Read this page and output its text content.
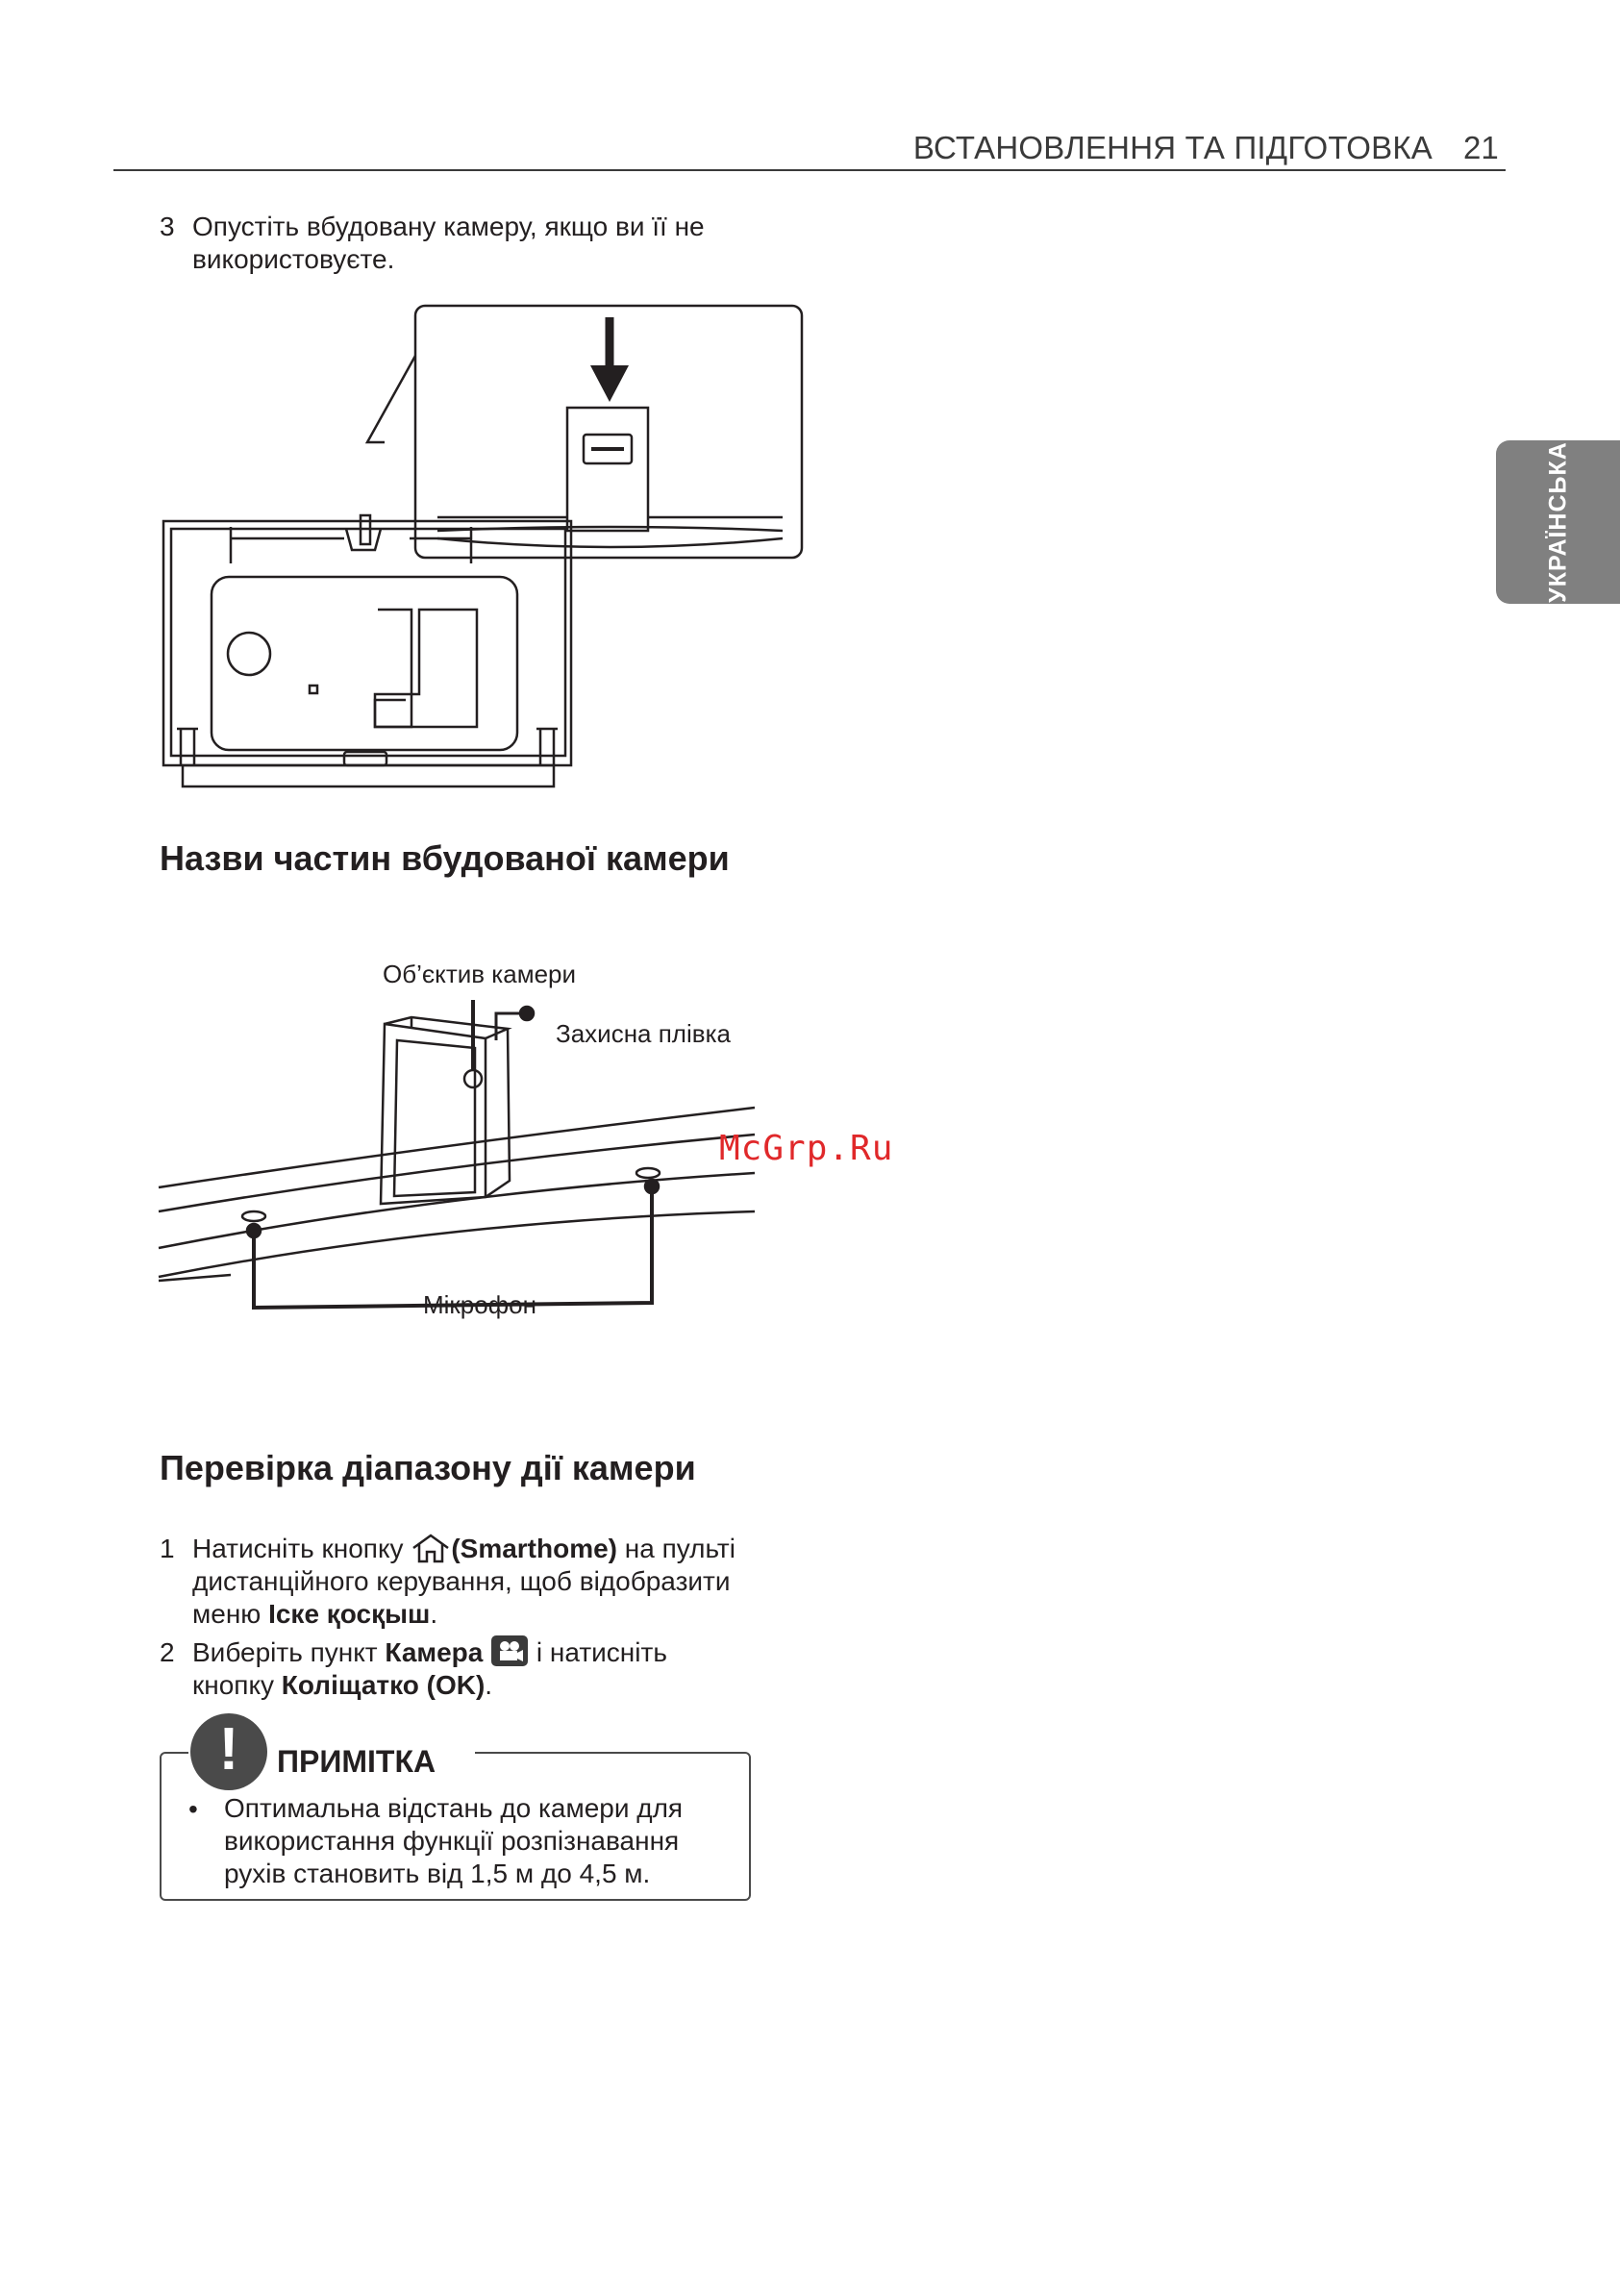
ВСТАНОВЛЕННЯ ТА ПІДГОТОВКА 21
УКРАЇНСЬКА
3 Опустіть вбудовану камеру, якщо ви її не
використовуєте.
Назви частин вбудованої камери
Об’єктив камери
Захисна плівка
Мікрофон
McGrp.Ru
Перевірка діапазону дії камери
1 Натисніть кнопку (Smarthome) на пульті
дистанційного керування, щоб відобразити
меню Іске қосқыш.
2 Виберіть пункт Камера і натисніть
кнопку Коліщатко (OK).
!	ПРИМІТКА
• Оптимальна відстань до камери для використання функції розпізнавання рухів становить від 1,5 м до 4,5 м.
